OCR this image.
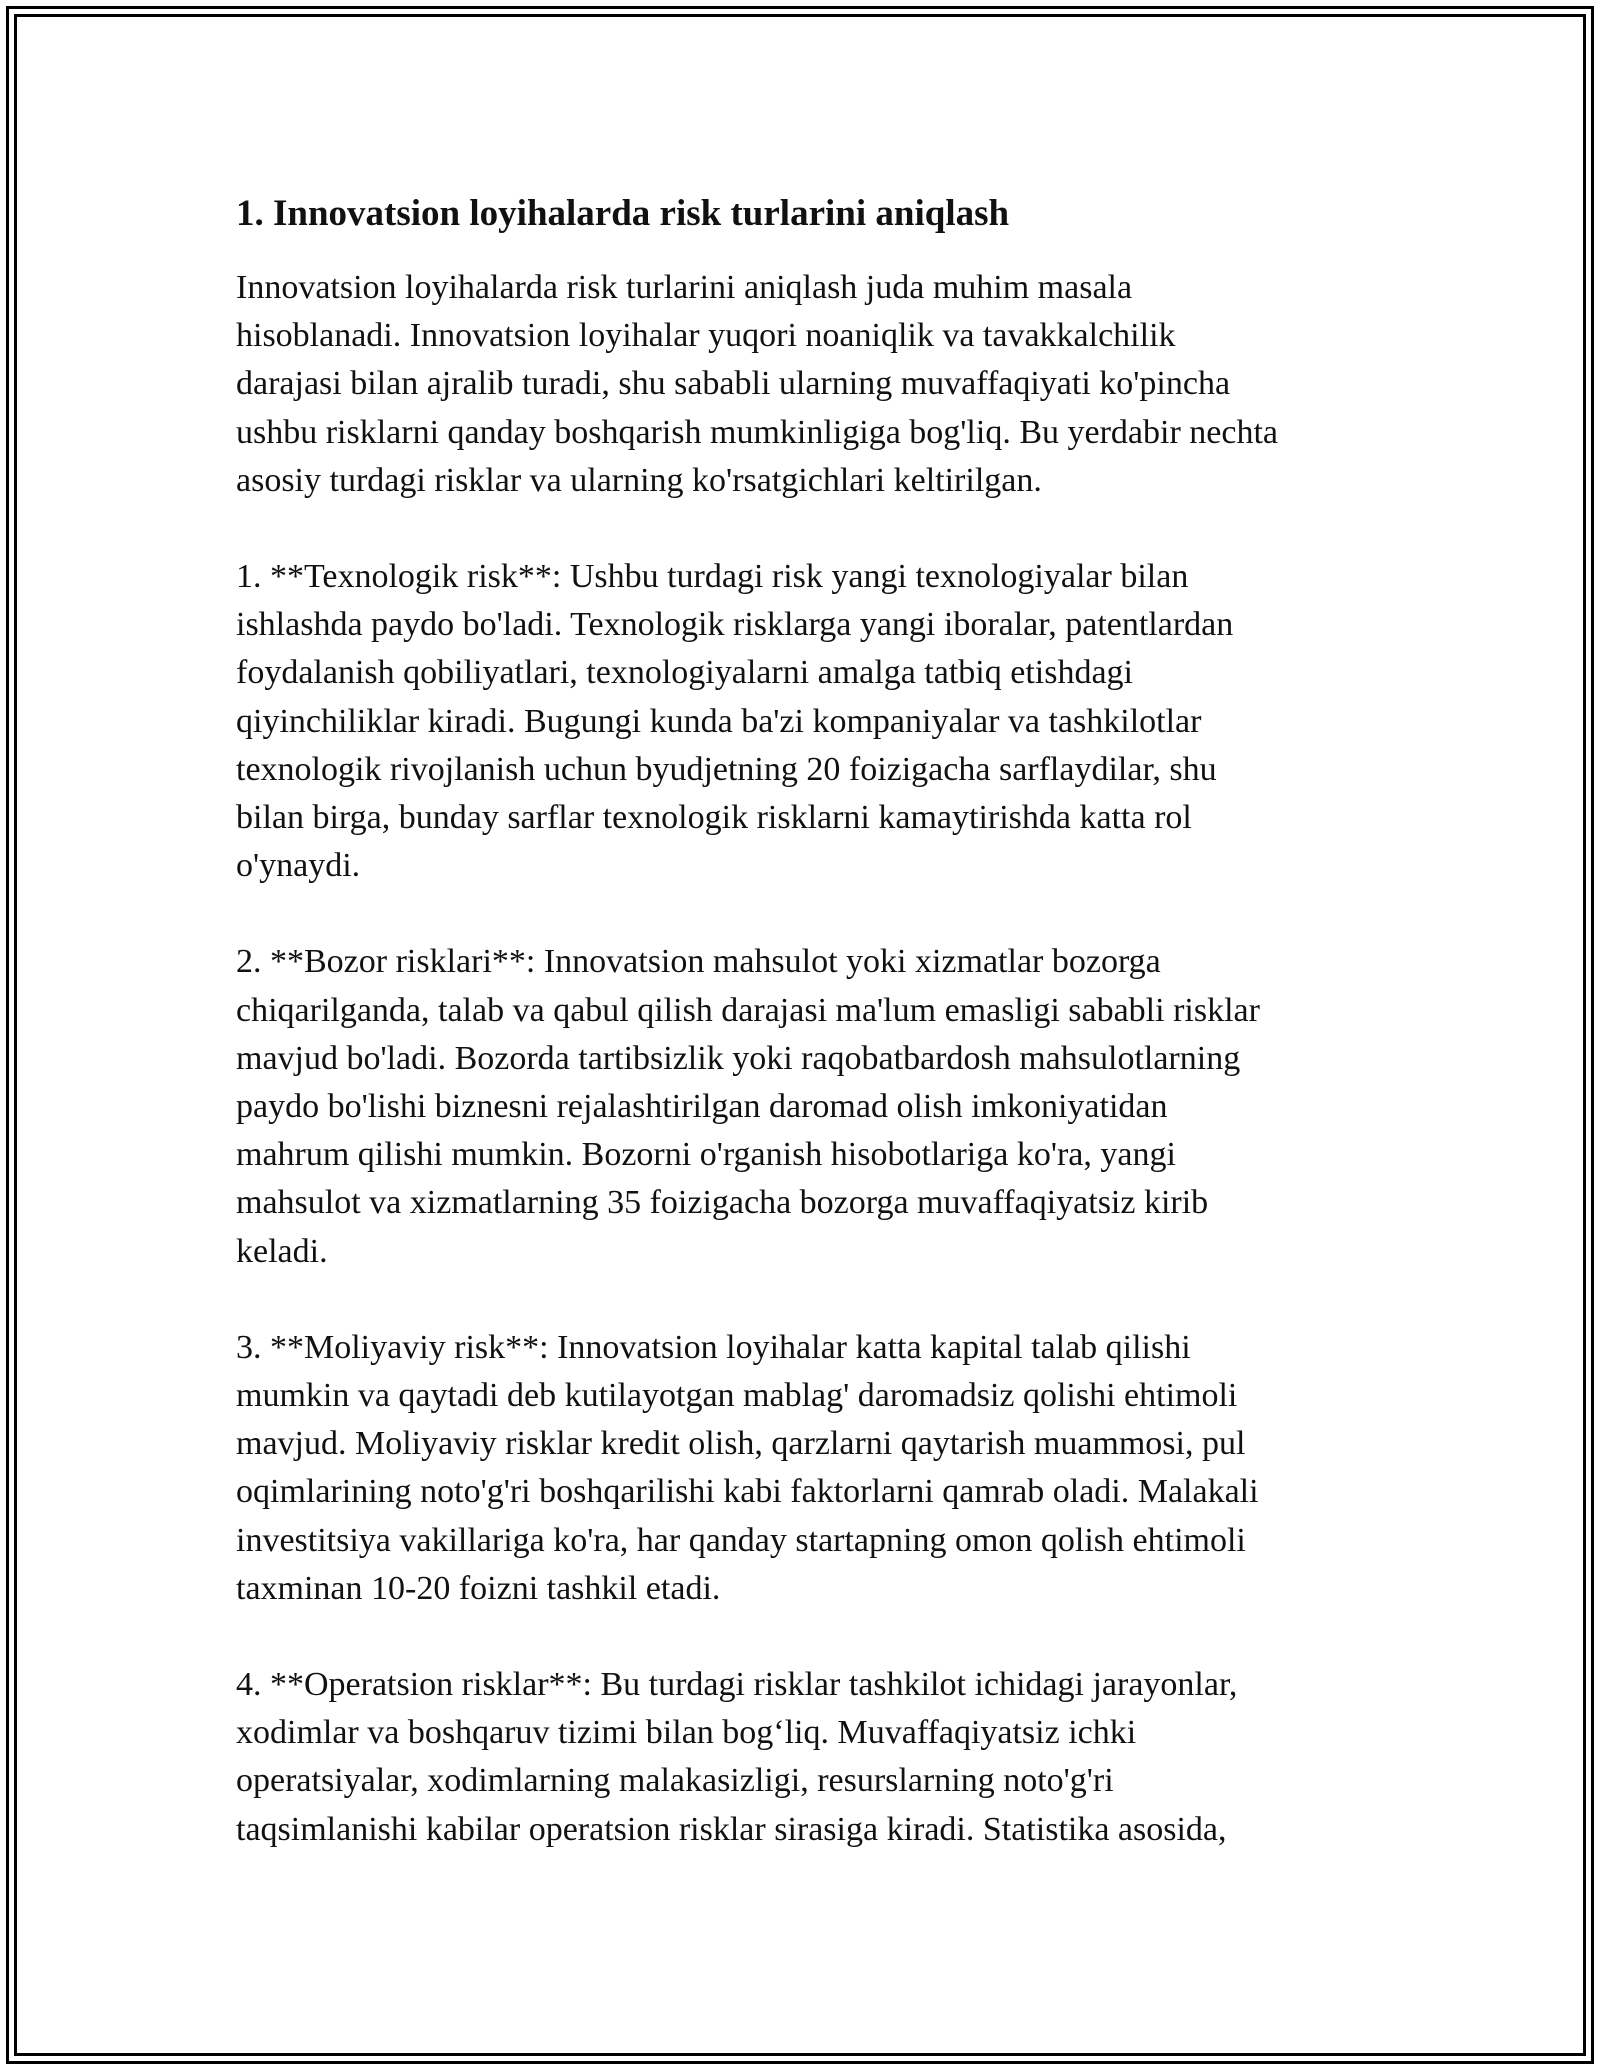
1. Innovatsion loyihalarda risk turlarini aniqlash

Innovatsion loyihalarda risk turlarini aniqlash juda muhim masala
hisoblanadi. Innovatsion loyihalar yuqori noaniqlik va tavakkalchilik
darajasi bilan ajralib turadi, shu sababli ularning muvaffaqiyati ko'pincha
ushbu risklarni qanday boshqarish mumkinligiga bog'liq. Bu yerdabir nechta
asosiy turdagi risklar va ularning ko'rsatgichlari keltirilgan.

1. **Texnologik risk**: Ushbu turdagi risk yangi texnologiyalar bilan
ishlashda paydo bo'ladi. Texnologik risklarga yangi iboralar, patentlardan
foydalanish qobiliyatlari, texnologiyalarni amalga tatbiq etishdagi
qiyinchiliklar kiradi. Bugungi kunda ba'zi kompaniyalar va tashkilotlar
texnologik rivojlanish uchun byudjetning 20 foizigacha sarflaydilar, shu
bilan birga, bunday sarflar texnologik risklarni kamaytirishda katta rol
o'ynaydi.

2. **Bozor risklari**: Innovatsion mahsulot yoki xizmatlar bozorga
chiqarilganda, talab va qabul qilish darajasi ma'lum emasligi sababli risklar
mavjud bo'ladi. Bozorda tartibsizlik yoki raqobatbardosh mahsulotlarning
paydo bo'lishi biznesni rejalashtirilgan daromad olish imkoniyatidan
mahrum qilishi mumkin. Bozorni o'rganish hisobotlariga ko'ra, yangi
mahsulot va xizmatlarning 35 foizigacha bozorga muvaffaqiyatsiz kirib
keladi.

3. **Moliyaviy risk**: Innovatsion loyihalar katta kapital talab qilishi
mumkin va qaytadi deb kutilayotgan mablag' daromadsiz qolishi ehtimoli
mavjud. Moliyaviy risklar kredit olish, qarzlarni qaytarish muammosi, pul
oqimlarining noto'g'ri boshqarilishi kabi faktorlarni qamrab oladi. Malakali
investitsiya vakillariga ko'ra, har qanday startapning omon qolish ehtimoli
taxminan 10-20 foizni tashkil etadi.

4. **Operatsion risklar**: Bu turdagi risklar tashkilot ichidagi jarayonlar,
xodimlar va boshqaruv tizimi bilan bog‘liq. Muvaffaqiyatsiz ichki
operatsiyalar, xodimlarning malakasizligi, resurslarning noto'g'ri
taqsimlanishi kabilar operatsion risklar sirasiga kiradi. Statistika asosida,
